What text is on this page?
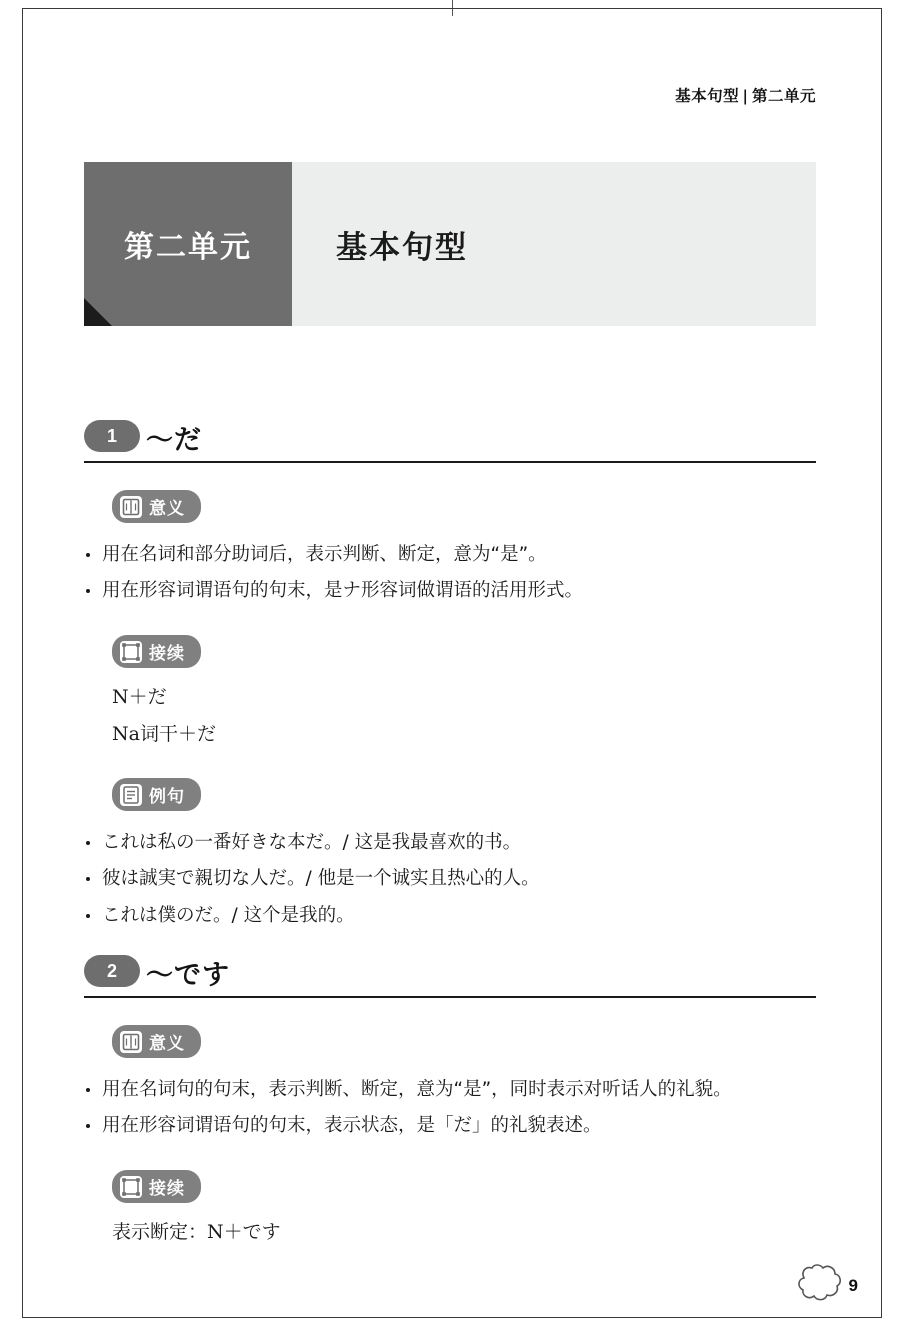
基本句型 | 第二单元
第二单元	基本句型
1	〜だ
意义
用在名词和部分助词后，表示判断、断定，意为“是”。
用在形容词谓语句的句末，是ナ形容词做谓语的活用形式。
接续
N＋だ
Na词干＋だ
例句
これは私の一番好きな本だ。/ 这是我最喜欢的书。
彼は誠実で親切な人だ。/ 他是一个诚实且热心的人。
これは僕のだ。/ 这个是我的。
2	〜です
意义
用在名词句的句末，表示判断、断定，意为“是”，同时表示对听话人的礼貌。
用在形容词谓语句的句末，表示状态，是「だ」的礼貌表述。
接续
表示断定：N＋です
9
